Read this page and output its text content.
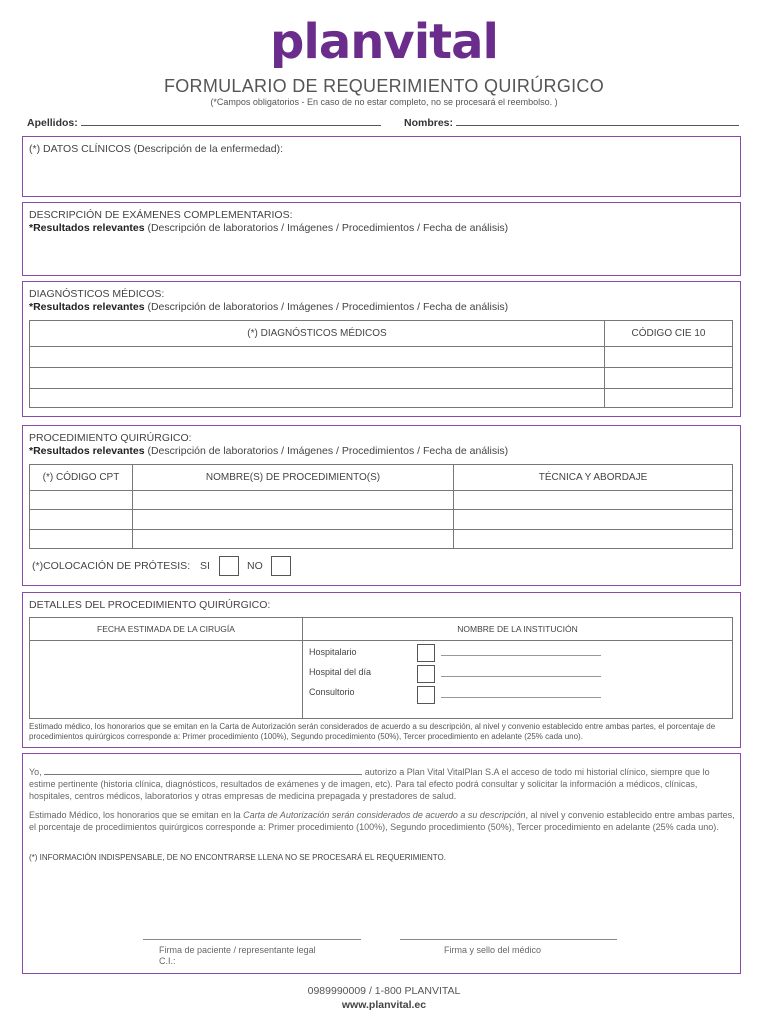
planvital
FORMULARIO DE REQUERIMIENTO QUIRÚRGICO
(*Campos obligatorios - En caso de no estar completo, no se procesará el reembolso. )
Apellidos:	Nombres:
(*) DATOS CLÍNICOS (Descripción de la enfermedad):
DESCRIPCIÓN DE EXÁMENES COMPLEMENTARIOS:
*Resultados relevantes (Descripción de laboratorios / Imágenes / Procedimientos / Fecha de análisis)
DIAGNÓSTICOS MÉDICOS:
*Resultados relevantes (Descripción de laboratorios / Imágenes / Procedimientos / Fecha de análisis)
(*) DIAGNÓSTICOS MÉDICOS	CÓDIGO CIE 10

PROCEDIMIENTO QUIRÚRGICO:
*Resultados relevantes (Descripción de laboratorios / Imágenes / Procedimientos / Fecha de análisis)
(*) CÓDIGO CPT	NOMBRE(S) DE PROCEDIMIENTO(S)	TÉCNICA Y ABORDAJE

(*)COLOCACIÓN DE PRÓTESIS: SI	NO
DETALLES DEL PROCEDIMIENTO QUIRÚRGICO:
FECHA ESTIMADA DE LA CIRUGÍA	NOMBRE DE LA INSTITUCIÓN

Hospitalario
Hospital del día
Consultorio
Estimado médico, los honorarios que se emitan en la Carta de Autorización serán considerados de acuerdo a su descripción, al nivel y convenio establecido entre ambas partes, el porcentaje de procedimientos quirúrgicos corresponde a: Primer procedimiento (100%), Segundo procedimiento (50%), Tercer procedimiento en adelante (25% cada uno).
Yo,	autorizo a Plan Vital VitalPlan S.A el acceso de todo mi historial clínico, siempre que lo estime pertinente (historia clínica, diagnósticos, resultados de exámenes y de imagen, etc). Para tal efecto podrá consultar y solicitar la información a médicos, clínicas, hospitales, centros médicos, laboratorios y otras empresas de medicina prepagada y prestadores de salud.
Estimado Médico, los honorarios que se emitan en la Carta de Autorización serán considerados de acuerdo a su descripción, al nivel y convenio establecido entre ambas partes, el porcentaje de procedimientos quirúrgicos corresponde a: Primer procedimiento (100%), Segundo procedimiento (50%), Tercer procedimiento en adelante (25% cada uno).
(*) INFORMACIÓN INDISPENSABLE, DE NO ENCONTRARSE LLENA NO SE PROCESARÁ EL REQUERIMIENTO.
Firma de paciente / representante legal
C.I.:
Firma y sello del médico
0989990009 / 1-800 PLANVITAL
www.planvital.ec
